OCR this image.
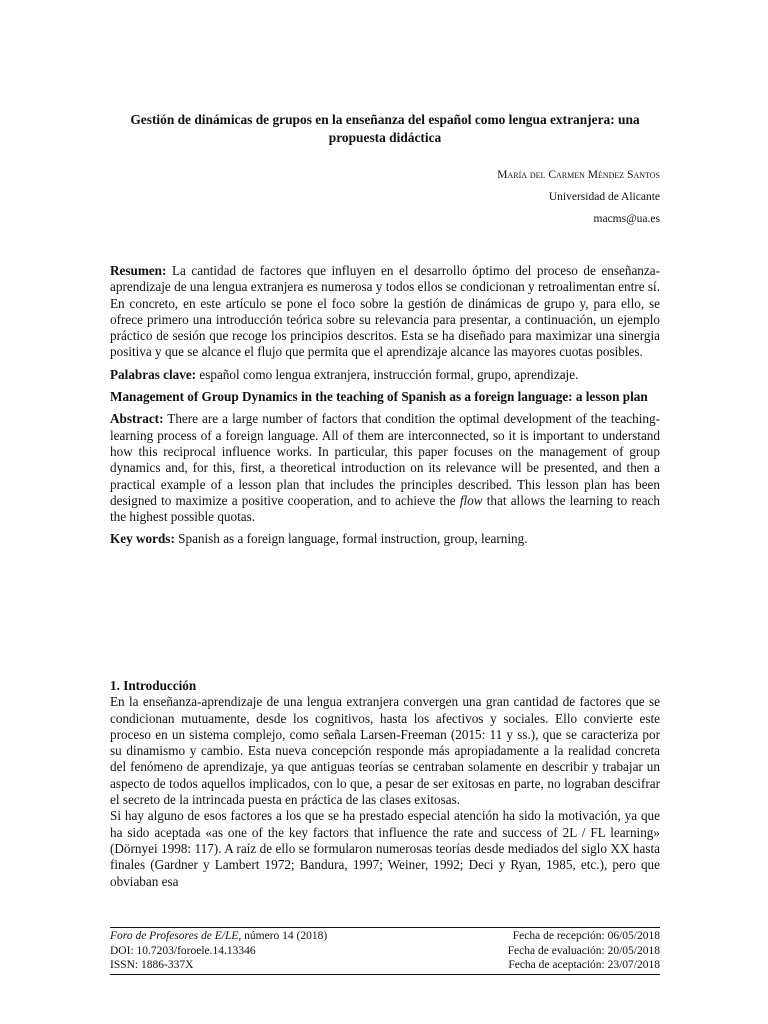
Gestión de dinámicas de grupos en la enseñanza del español como lengua extranjera: una propuesta didáctica
María del Carmen Méndez Santos
Universidad de Alicante
macms@ua.es

Resumen: La cantidad de factores que influyen en el desarrollo óptimo del proceso de enseñanza-aprendizaje de una lengua extranjera es numerosa y todos ellos se condicionan y retroalimentan entre sí. En concreto, en este artículo se pone el foco sobre la gestión de dinámicas de grupo y, para ello, se ofrece primero una introducción teórica sobre su relevancia para presentar, a continuación, un ejemplo práctico de sesión que recoge los principios descritos. Esta se ha diseñado para maximizar una sinergia positiva y que se alcance el flujo que permita que el aprendizaje alcance las mayores cuotas posibles.

Palabras clave: español como lengua extranjera, instrucción formal, grupo, aprendizaje.

Management of Group Dynamics in the teaching of Spanish as a foreign language: a lesson plan

Abstract: There are a large number of factors that condition the optimal development of the teaching-learning process of a foreign language. All of them are interconnected, so it is important to understand how this reciprocal influence works. In particular, this paper focuses on the management of group dynamics and, for this, first, a theoretical introduction on its relevance will be presented, and then a practical example of a lesson plan that includes the principles described. This lesson plan has been designed to maximize a positive cooperation, and to achieve the flow that allows the learning to reach the highest possible quotas.

Key words: Spanish as a foreign language, formal instruction, group, learning.

1. Introducción

En la enseñanza-aprendizaje de una lengua extranjera convergen una gran cantidad de factores que se condicionan mutuamente, desde los cognitivos, hasta los afectivos y sociales. Ello convierte este proceso en un sistema complejo, como señala Larsen-Freeman (2015: 11 y ss.), que se caracteriza por su dinamismo y cambio. Esta nueva concepción responde más apropiadamente a la realidad concreta del fenómeno de aprendizaje, ya que antiguas teorías se centraban solamente en describir y trabajar un aspecto de todos aquellos implicados, con lo que, a pesar de ser exitosas en parte, no lograban descifrar el secreto de la intrincada puesta en práctica de las clases exitosas.

Si hay alguno de esos factores a los que se ha prestado especial atención ha sido la motivación, ya que ha sido aceptada «as one of the key factors that influence the rate and success of 2L / FL learning» (Dörnyei 1998: 117). A raíz de ello se formularon numerosas teorías desde mediados del siglo XX hasta finales (Gardner y Lambert 1972; Bandura, 1997; Weiner, 1992; Deci y Ryan, 1985, etc.), pero que obviaban esa

Foro de Profesores de E/LE, número 14 (2018)	Fecha de recepción: 06/05/2018
DOI: 10.7203/foroele.14.13346	Fecha de evaluación: 20/05/2018
ISSN: 1886-337X	Fecha de aceptación: 23/07/2018
